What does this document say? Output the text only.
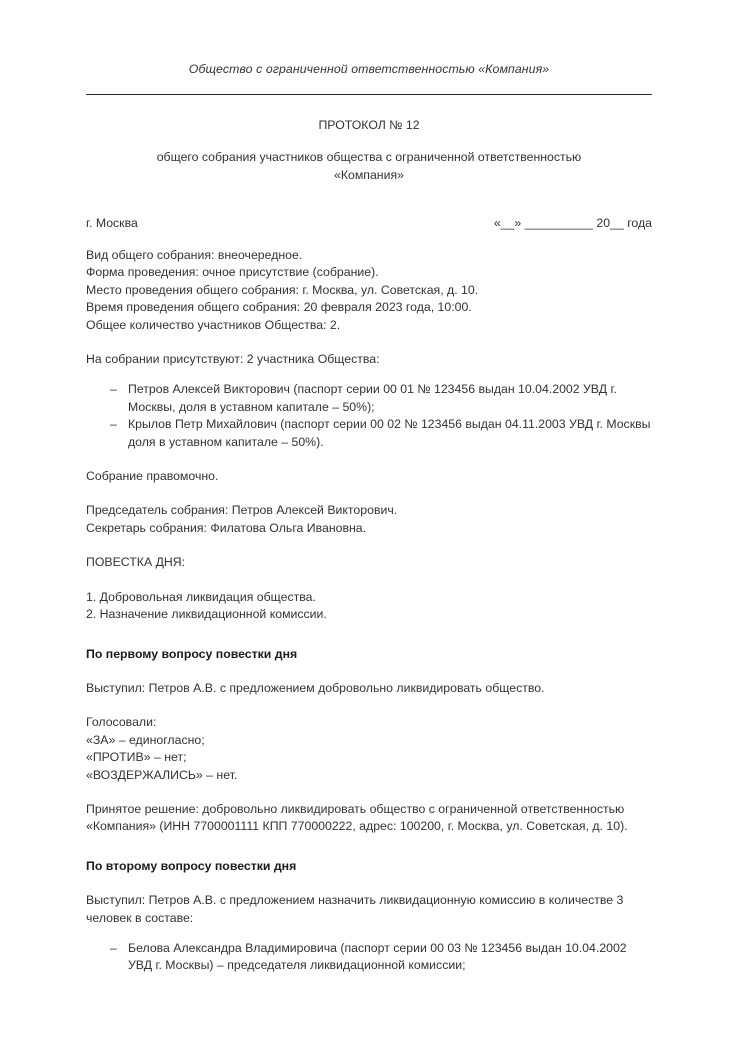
Общество с ограниченной ответственностью «Компания»
ПРОТОКОЛ № 12
общего собрания участников общества с ограниченной ответственностью
«Компания»
г. Москва	«__» __________ 20__ года
Вид общего собрания: внеочередное.
Форма проведения: очное присутствие (собрание).
Место проведения общего собрания: г. Москва, ул. Советская, д. 10.
Время проведения общего собрания: 20 февраля 2023 года, 10:00.
Общее количество участников Общества: 2.
На собрании присутствуют: 2 участника Общества:
– Петров Алексей Викторович (паспорт серии 00 01 № 123456 выдан 10.04.2002 УВД г. Москвы, доля в уставном капитале – 50%);
– Крылов Петр Михайлович (паспорт серии 00 02 № 123456 выдан 04.11.2003 УВД г. Москвы доля в уставном капитале – 50%).
Собрание правомочно.
Председатель собрания: Петров Алексей Викторович.
Секретарь собрания: Филатова Ольга Ивановна.
ПОВЕСТКА ДНЯ:
1. Добровольная ликвидация общества.
2. Назначение ликвидационной комиссии.
По первому вопросу повестки дня
Выступил: Петров А.В. с предложением добровольно ликвидировать общество.
Голосовали:
«ЗА» – единогласно;
«ПРОТИВ» – нет;
«ВОЗДЕРЖАЛИСЬ» – нет.
Принятое решение: добровольно ликвидировать общество с ограниченной ответственностью «Компания» (ИНН 7700001111 КПП 770000222, адрес: 100200, г. Москва, ул. Советская, д. 10).
По второму вопросу повестки дня
Выступил: Петров А.В. с предложением назначить ликвидационную комиссию в количестве 3 человек в составе:
– Белова Александра Владимировича (паспорт серии 00 03 № 123456 выдан 10.04.2002 УВД г. Москвы) – председателя ликвидационной комиссии;
